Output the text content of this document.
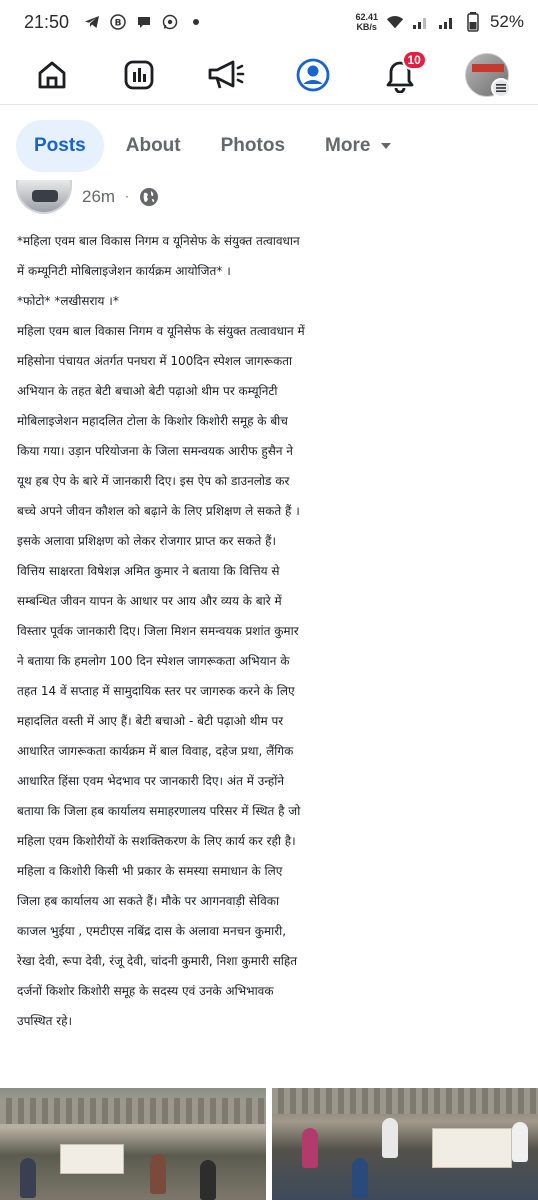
21:50	B
62.41
KB/s	52%
10
Posts	About	Photos	More
26m ·
*महिला एवम बाल विकास निगम व यूनिसेफ के संयुक्त तत्वावधान
में कम्यूनिटी मोबिलाइजेशन कार्यक्रम आयोजित* ।
*फोटो* *लखीसराय ।*
महिला एवम बाल विकास निगम व यूनिसेफ के संयुक्त तत्वावधान में
महिसोना पंचायत अंतर्गत पनघरा में 100दिन स्पेशल जागरूकता
अभियान के तहत बेटी बचाओ बेटी पढ़ाओ थीम पर कम्यूनिटी
मोबिलाइजेशन महादलित टोला के किशोर किशोरी समूह के बीच
किया गया। उड़ान परियोजना के जिला समन्वयक आरीफ हुसैन ने
यूथ हब ऐप के बारे में जानकारी दिए। इस ऐप को डाउनलोड कर
बच्चे अपने जीवन कौशल को बढ़ाने के लिए प्रशिक्षण ले सकते हैं ।
इसके अलावा प्रशिक्षण को लेकर रोजगार प्राप्त कर सकते हैं।
वित्तिय साक्षरता विषेशज्ञ अमित कुमार ने बताया कि वित्तिय से
सम्बन्धित जीवन यापन के आधार पर आय और व्यय के बारे में
विस्तार पूर्वक जानकारी दिए। जिला मिशन समन्वयक प्रशांत कुमार
ने बताया कि हमलोग 100 दिन स्पेशल जागरूकता अभियान के
तहत 14 वें सप्ताह में सामुदायिक स्तर पर जागरुक करने के लिए
महादलित वस्ती में आए हैं। बेटी बचाओ - बेटी पढ़ाओ थीम पर
आधारित जागरूकता कार्यक्रम में बाल विवाह, दहेज प्रथा, लैंगिक
आधारित हिंसा एवम भेदभाव पर जानकारी दिए। अंत में उन्होंने
बताया कि जिला हब कार्यालय समाहरणालय परिसर में स्थित है जो
महिला एवम किशोरीयों के सशक्तिकरण के लिए कार्य कर रही है।
महिला व किशोरी किसी भी प्रकार के समस्या समाधान के लिए
जिला हब कार्यालय आ सकते हैं। मौके पर आगनवाड़ी सेविका
काजल भुईया , एमटीएस नबिंद्र दास के अलावा मनचन कुमारी,
रेखा देवी, रूपा देवी, रंजू देवी, चांदनी कुमारी, निशा कुमारी सहित
दर्जनों किशोर किशोरी समूह के सदस्य एवं उनके अभिभावक
उपस्थित रहे।
